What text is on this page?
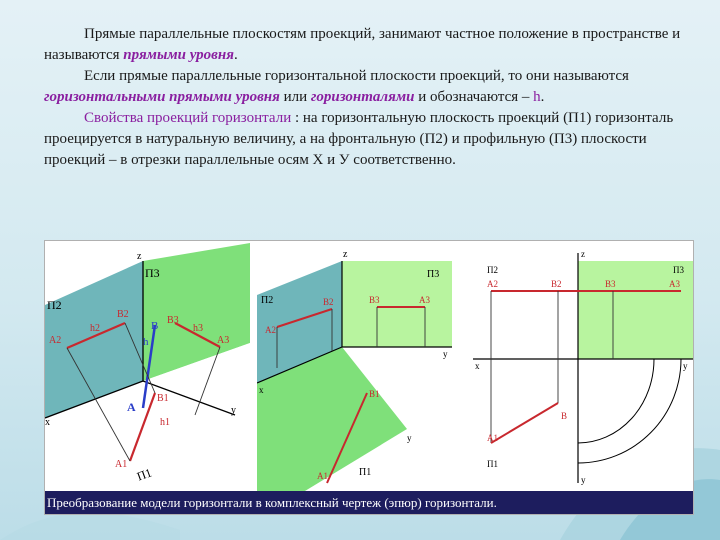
Прямые параллельные плоскостям проекций, занимают частное положение в пространстве и называются прямыми уровня.

Если прямые параллельные горизонтальной плоскости проекций, то они называются горизонтальными прямыми уровня или горизонталями и обозначаются – h.

Свойства проекций горизонтали : на горизонтальную плоскость проекций (П1) горизонталь проецируется в натуральную величину, а на фронтальную (П2) и профильную (П3) плоскости проекций – в отрезки параллельные осям X и У соответственно.

z
x
y
П2
П3
П1
A2
B2
h2
B3
h3
A3
A
B
h
B1
h1
A1
z
П3
П2
П1
A2
B2	B3	A3
x
y
y
B1
A1
z
П2	П3
П1
A2	B2	B3	A3
x	y
y
B
A1
Преобразование модели горизонтали в комплексный чертеж (эпюр) горизонтали.
